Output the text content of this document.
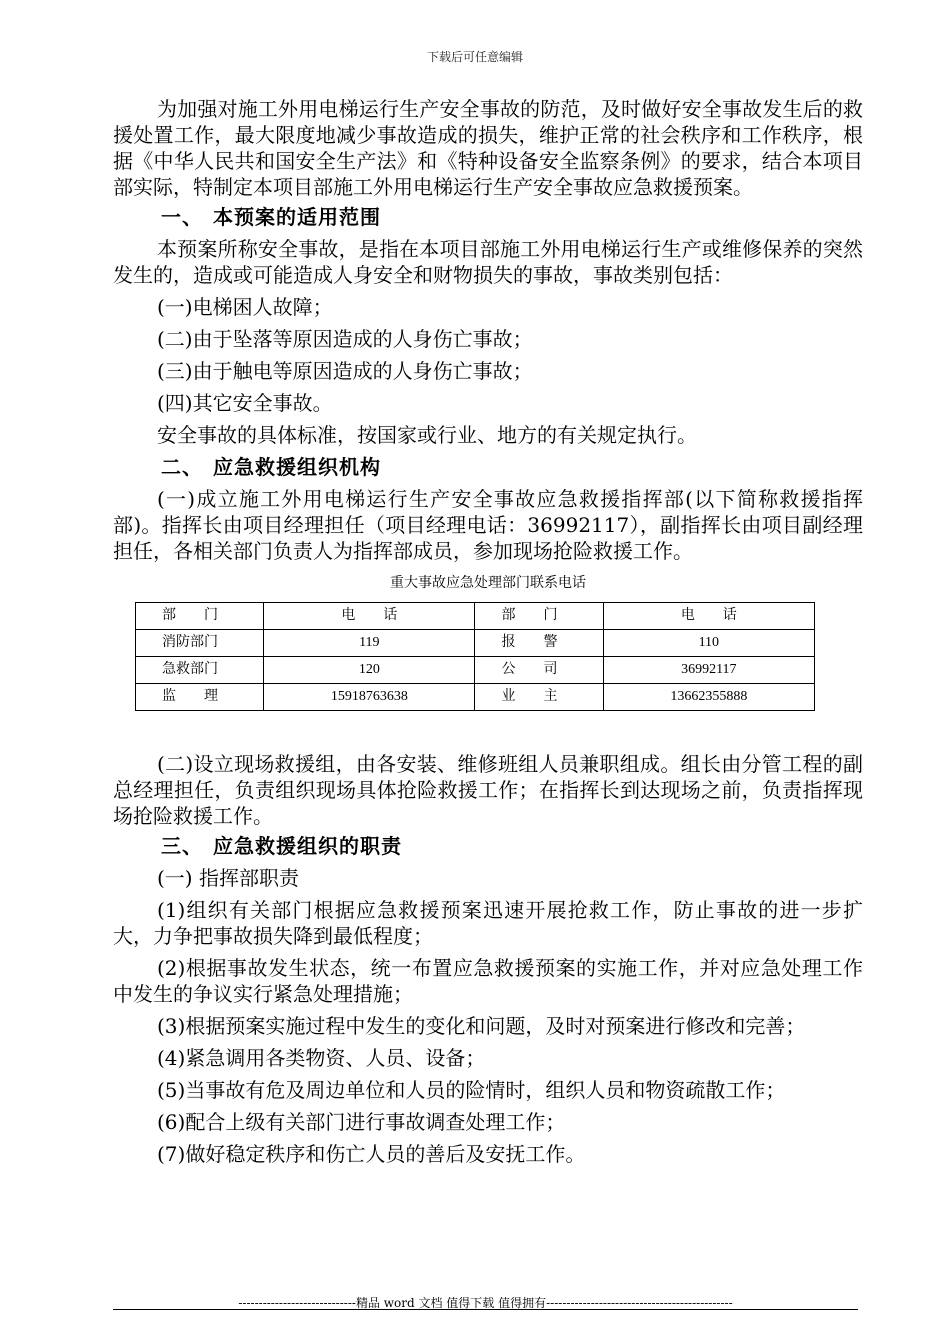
下载后可任意编辑

为加强对施工外用电梯运行生产安全事故的防范，及时做好安全事故发生后的救援处置工作，最大限度地减少事故造成的损失，维护正常的社会秩序和工作秩序，根据《中华人民共和国安全生产法》和《特种设备安全监察条例》的要求，结合本项目部实际，特制定本项目部施工外用电梯运行生产安全事故应急救援预案。

一、 本预案的适用范围

本预案所称安全事故，是指在本项目部施工外用电梯运行生产或维修保养的突然发生的，造成或可能造成人身安全和财物损失的事故，事故类别包括：

(一)电梯困人故障；

(二)由于坠落等原因造成的人身伤亡事故；

(三)由于触电等原因造成的人身伤亡事故；

(四)其它安全事故。

安全事故的具体标准，按国家或行业、地方的有关规定执行。

二、 应急救援组织机构

(一)成立施工外用电梯运行生产安全事故应急救援指挥部(以下简称救援指挥部)。指挥长由项目经理担任（项目经理电话：36992117），副指挥长由项目副经理担任，各相关部门负责人为指挥部成员，参加现场抢险救援工作。

重大事故应急处理部门联系电话
部　　门	电　　话	部　　门	电　　话
消防部门	119	报　　警	110
急救部门	120	公　　司	36992117
监　　理	15918763638	业　　主	13662355888

(二)设立现场救援组，由各安装、维修班组人员兼职组成。组长由分管工程的副总经理担任，负责组织现场具体抢险救援工作；在指挥长到达现场之前，负责指挥现场抢险救援工作。

三、 应急救援组织的职责

(一) 指挥部职责

(1)组织有关部门根据应急救援预案迅速开展抢救工作，防止事故的进一步扩大，力争把事故损失降到最低程度；

(2)根据事故发生状态，统一布置应急救援预案的实施工作，并对应急处理工作中发生的争议实行紧急处理措施；

(3)根据预案实施过程中发生的变化和问题，及时对预案进行修改和完善；

(4)紧急调用各类物资、人员、设备；

(5)当事故有危及周边单位和人员的险情时，组织人员和物资疏散工作；

(6)配合上级有关部门进行事故调查处理工作；

(7)做好稳定秩序和伤亡人员的善后及安抚工作。

-----------------------------精品 word 文档 值得下载 值得拥有----------------------------------------------
